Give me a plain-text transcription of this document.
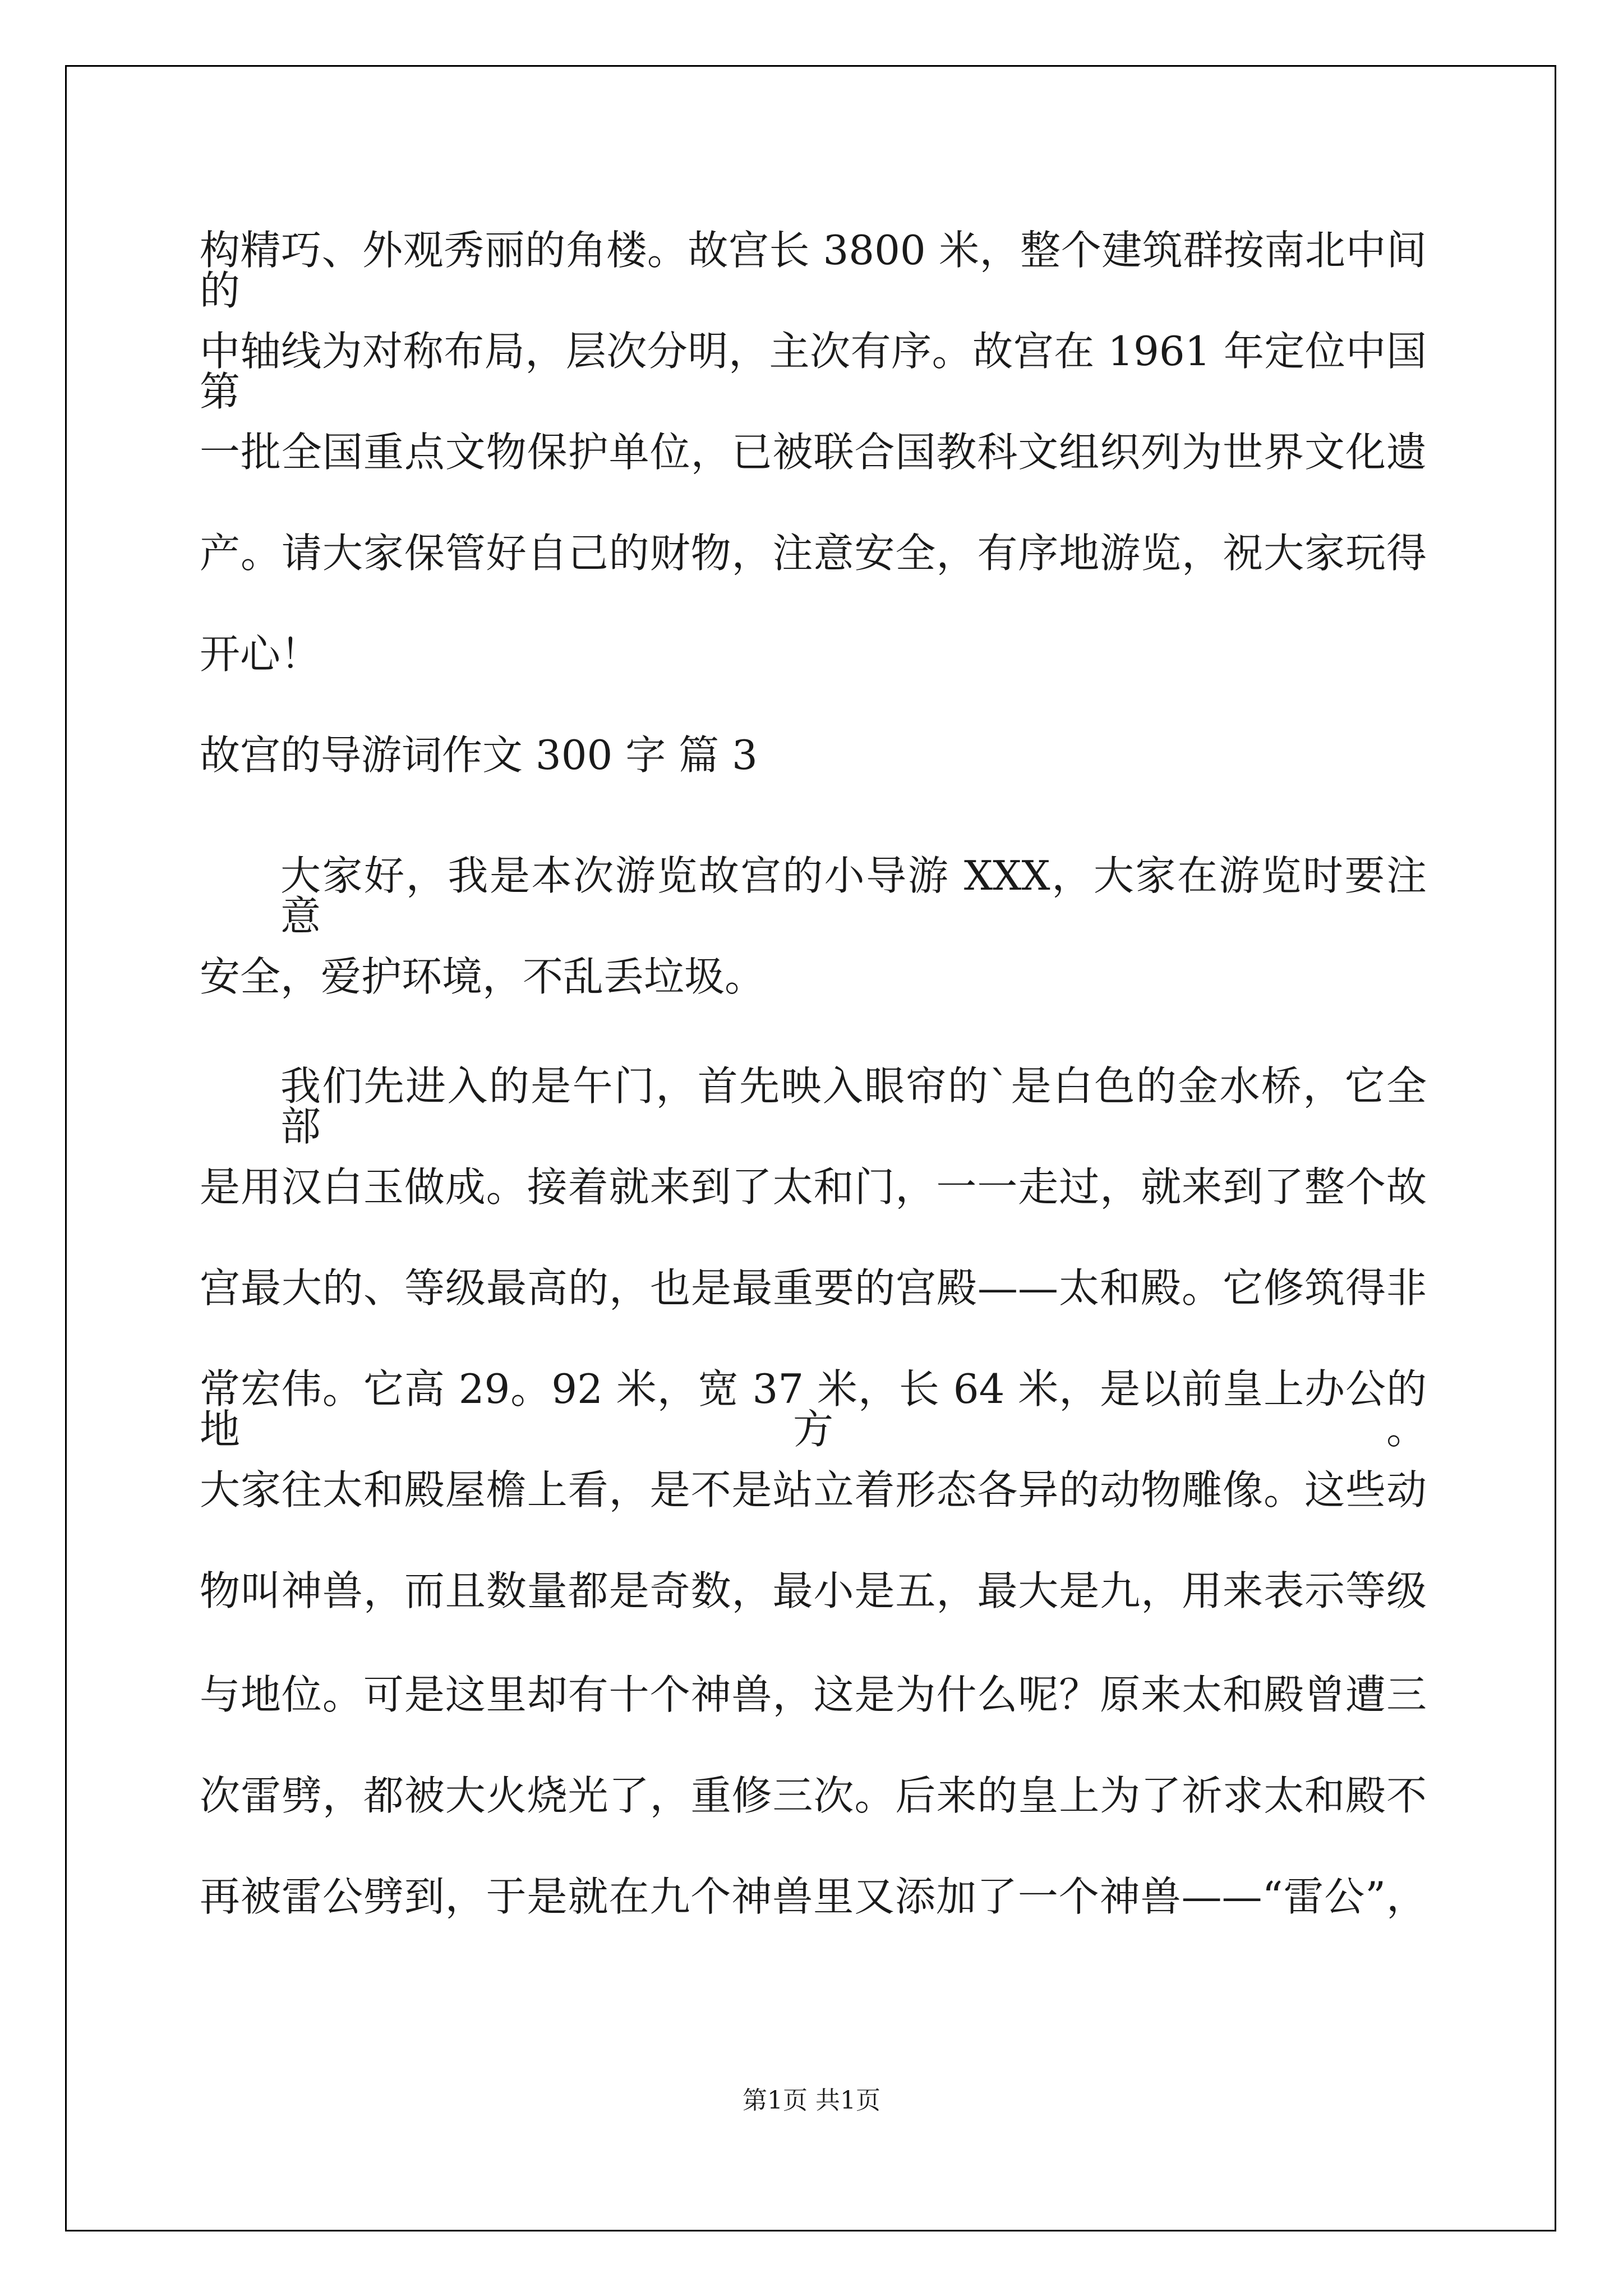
构精巧、外观秀丽的角楼。故宫长 3800 米，整个建筑群按南北中间的
中轴线为对称布局，层次分明，主次有序。故宫在 1961 年定位中国第
一批全国重点文物保护单位，已被联合国教科文组织列为世界文化遗
产。请大家保管好自己的财物，注意安全，有序地游览，祝大家玩得
开心！
故宫的导游词作文 300 字 篇 3
大家好，我是本次游览故宫的小导游 XXX，大家在游览时要注意
安全，爱护环境，不乱丢垃圾。
我们先进入的是午门，首先映入眼帘的`是白色的金水桥，它全部
是用汉白玉做成。接着就来到了太和门，一一走过，就来到了整个故
宫最大的、等级最高的，也是最重要的宫殿——太和殿。它修筑得非
常宏伟。它高 29。92 米，宽 37 米，长 64 米，是以前皇上办公的地方。
大家往太和殿屋檐上看，是不是站立着形态各异的动物雕像。这些动
物叫神兽，而且数量都是奇数，最小是五，最大是九，用来表示等级
与地位。可是这里却有十个神兽，这是为什么呢？原来太和殿曾遭三
次雷劈，都被大火烧光了，重修三次。后来的皇上为了祈求太和殿不
再被雷公劈到，于是就在九个神兽里又添加了一个神兽——“雷公”，
第1页 共1页
